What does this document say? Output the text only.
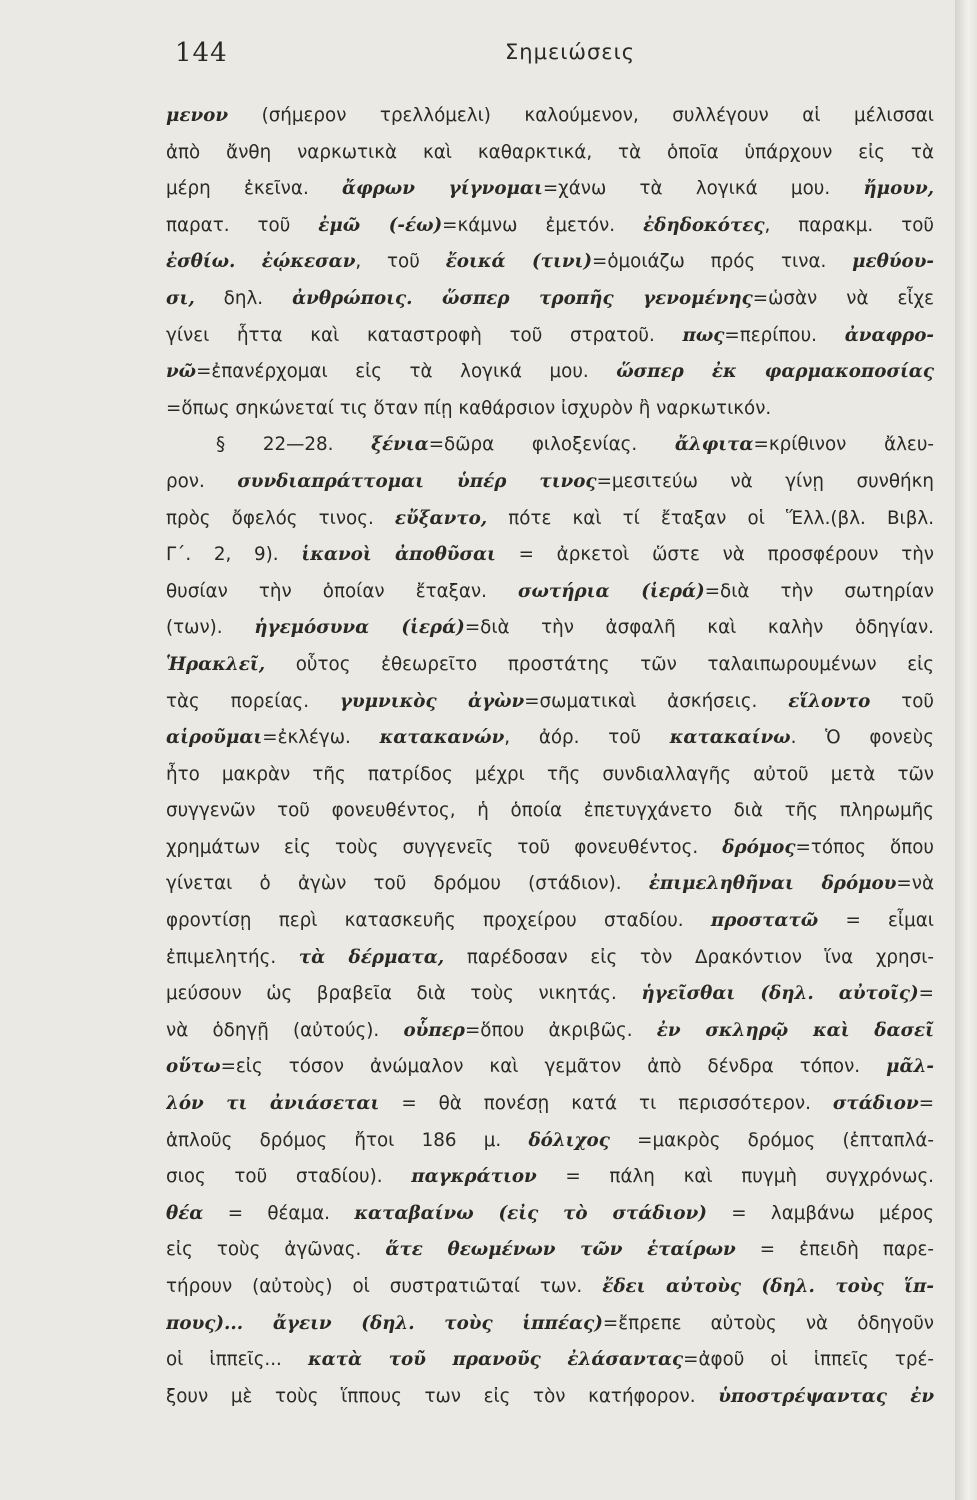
144	Σημειώσεις
μενον (σήμερον τρελλόμελι) καλούμενον, συλλέγουν αἱ μέλισσαι
ἀπὸ ἄνθη ναρκωτικὰ καὶ καθαρκτικά, τὰ ὁποῖα ὑπάρχουν εἰς τὰ
μέρη ἐκεῖνα. ἄφρων γίγνομαι=χάνω τὰ λογικά μου. ἤμουν,
παρατ. τοῦ ἐμῶ (-έω)=κάμνω ἐμετόν. ἐδηδοκότες, παρακμ. τοῦ
ἐσθίω. ἐῴκεσαν, τοῦ ἔοικά (τινι)=ὁμοιάζω πρός τινα. μεθύου-
σι, δηλ. ἀνθρώποις. ὥσπερ τροπῆς γενομένης=ὡσὰν νὰ εἶχε
γίνει ἧττα καὶ καταστροφὴ τοῦ στρατοῦ. πως=περίπου. ἀναφρο-
νῶ=ἐπανέρχομαι εἰς τὰ λογικά μου. ὥσπερ ἐκ φαρμακοποσίας
=ὅπως σηκώνεταί τις ὅταν πίῃ καθάρσιον ἰσχυρὸν ἢ ναρκωτικόν.
§ 22—28. ξένια=δῶρα φιλοξενίας. ἄλφιτα=κρίθινον ἄλευ-
ρον. συνδιαπράττομαι ὑπέρ τινος=μεσιτεύω νὰ γίνῃ συνθήκη
πρὸς ὄφελός τινος. εὔξαντο, πότε καὶ τί ἔταξαν οἱ Ἕλλ.(βλ. Βιβλ.
Γ΄. 2, 9). ἱκανοὶ ἀποθῦσαι = ἀρκετοὶ ὥστε νὰ προσφέρουν τὴν
θυσίαν τὴν ὁποίαν ἔταξαν. σωτήρια (ἱερά)=διὰ τὴν σωτηρίαν
(των). ἡγεμόσυνα (ἱερά)=διὰ τὴν ἀσφαλῆ καὶ καλὴν ὁδηγίαν.
Ἡρακλεῖ, οὗτος ἐθεωρεῖτο προστάτης τῶν ταλαιπωρουμένων εἰς
τὰς πορείας. γυμνικὸς ἀγὼν=σωματικαὶ ἀσκήσεις. εἵλοντο τοῦ
αἱροῦμαι=ἐκλέγω. κατακανών, ἀόρ. τοῦ κατακαίνω. Ὁ φονεὺς
ἦτο μακρὰν τῆς πατρίδος μέχρι τῆς συνδιαλλαγῆς αὐτοῦ μετὰ τῶν
συγγενῶν τοῦ φονευθέντος, ἡ ὁποία ἐπετυγχάνετο διὰ τῆς πληρωμῆς
χρημάτων εἰς τοὺς συγγενεῖς τοῦ φονευθέντος. δρόμος=τόπος ὅπου
γίνεται ὁ ἀγὼν τοῦ δρόμου (στάδιον). ἐπιμεληθῆναι δρόμου=νὰ
φροντίσῃ περὶ κατασκευῆς προχείρου σταδίου. προστατῶ = εἶμαι
ἐπιμελητής. τὰ δέρματα, παρέδοσαν εἰς τὸν Δρακόντιον ἵνα χρησι-
μεύσουν ὡς βραβεῖα διὰ τοὺς νικητάς. ἡγεῖσθαι (δηλ. αὐτοῖς)=
νὰ ὁδηγῇ (αὐτούς). οὗπερ=ὅπου ἀκριβῶς. ἐν σκληρῷ καὶ δασεῖ
οὕτω=εἰς τόσον ἀνώμαλον καὶ γεμᾶτον ἀπὸ δένδρα τόπον. μᾶλ-
λόν τι ἀνιάσεται = θὰ πονέσῃ κατά τι περισσότερον. στάδιον=
ἁπλοῦς δρόμος ἤτοι 186 μ. δόλιχος =μακρὸς δρόμος (ἑπταπλά-
σιος τοῦ σταδίου). παγκράτιον = πάλη καὶ πυγμὴ συγχρόνως.
θέα = θέαμα. καταβαίνω (εἰς τὸ στάδιον) = λαμβάνω μέρος
εἰς τοὺς ἀγῶνας. ἅτε θεωμένων τῶν ἑταίρων = ἐπειδὴ παρε-
τήρουν (αὐτοὺς) οἱ συστρατιῶταί των. ἔδει αὐτοὺς (δηλ. τοὺς ἵπ-
πους)... ἄγειν (δηλ. τοὺς ἱππέας)=ἔπρεπε αὐτοὺς νὰ ὁδηγοῦν
οἱ ἱππεῖς... κατὰ τοῦ πρανοῦς ἐλάσαντας=ἀφοῦ οἱ ἱππεῖς τρέ-
ξουν μὲ τοὺς ἵππους των εἰς τὸν κατήφορον. ὑποστρέψαντας ἐν
